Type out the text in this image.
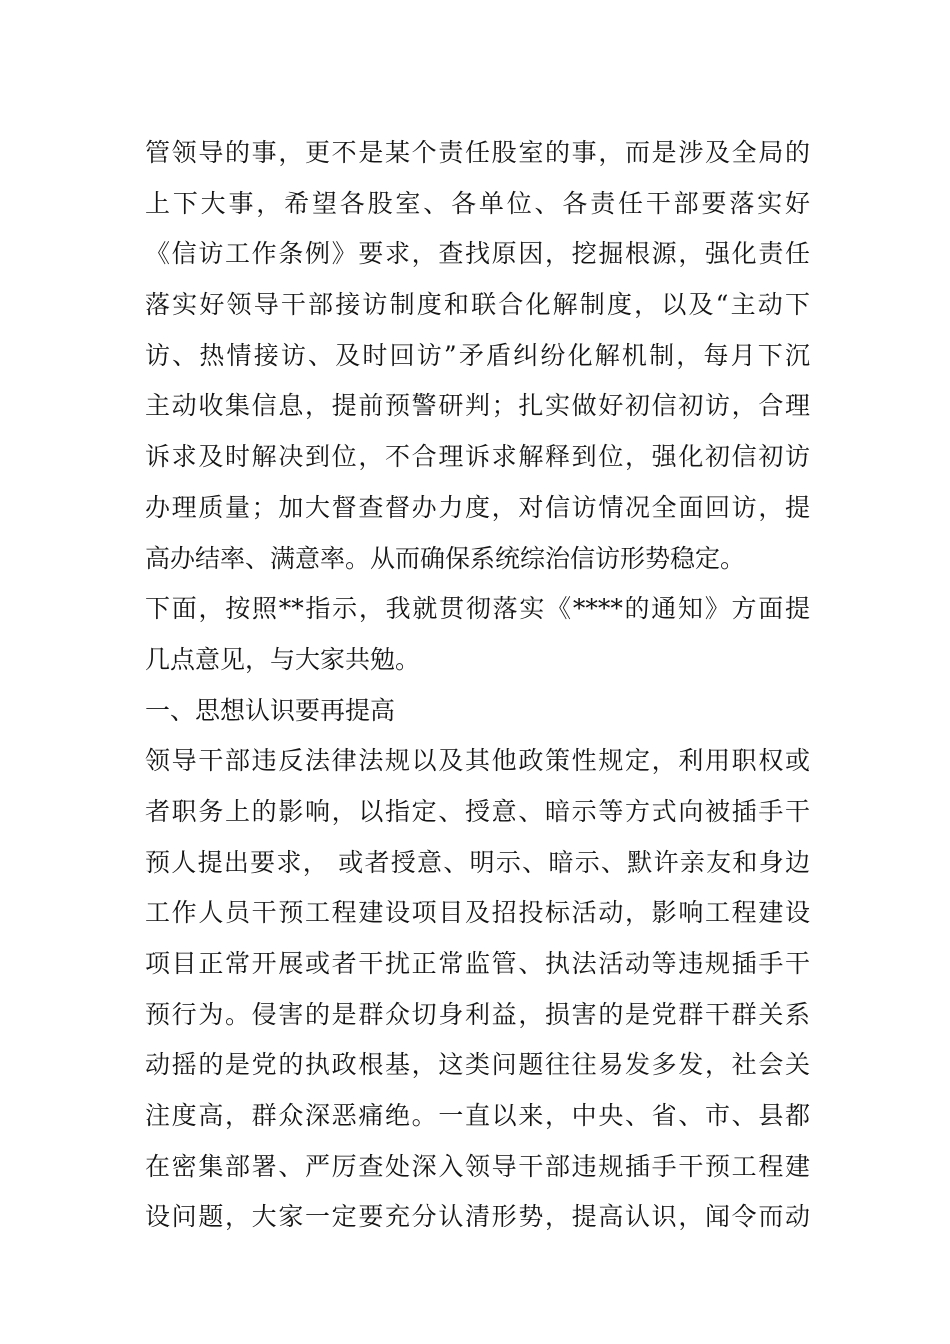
管领导的事，更不是某个责任股室的事，而是涉及全局的
上下大事，希望各股室、各单位、各责任干部要落实好
《信访工作条例》要求，查找原因，挖掘根源，强化责任
落实好领导干部接访制度和联合化解制度，以及“主动下
访、热情接访、及时回访”矛盾纠纷化解机制，每月下沉
主动收集信息，提前预警研判；扎实做好初信初访，合理
诉求及时解决到位，不合理诉求解释到位，强化初信初访
办理质量；加大督查督办力度，对信访情况全面回访，提
高办结率、满意率。从而确保系统综治信访形势稳定。
下面，按照**指示，我就贯彻落实《****的通知》方面提
几点意见，与大家共勉。
一、思想认识要再提高
领导干部违反法律法规以及其他政策性规定，利用职权或
者职务上的影响，以指定、授意、暗示等方式向被插手干
预人提出要求， 或者授意、明示、暗示、默许亲友和身边
工作人员干预工程建设项目及招投标活动，影响工程建设
项目正常开展或者干扰正常监管、执法活动等违规插手干
预行为。侵害的是群众切身利益，损害的是党群干群关系
动摇的是党的执政根基，这类问题往往易发多发，社会关
注度高，群众深恶痛绝。一直以来，中央、省、市、县都
在密集部署、严厉查处深入领导干部违规插手干预工程建
设问题，大家一定要充分认清形势，提高认识，闻令而动
